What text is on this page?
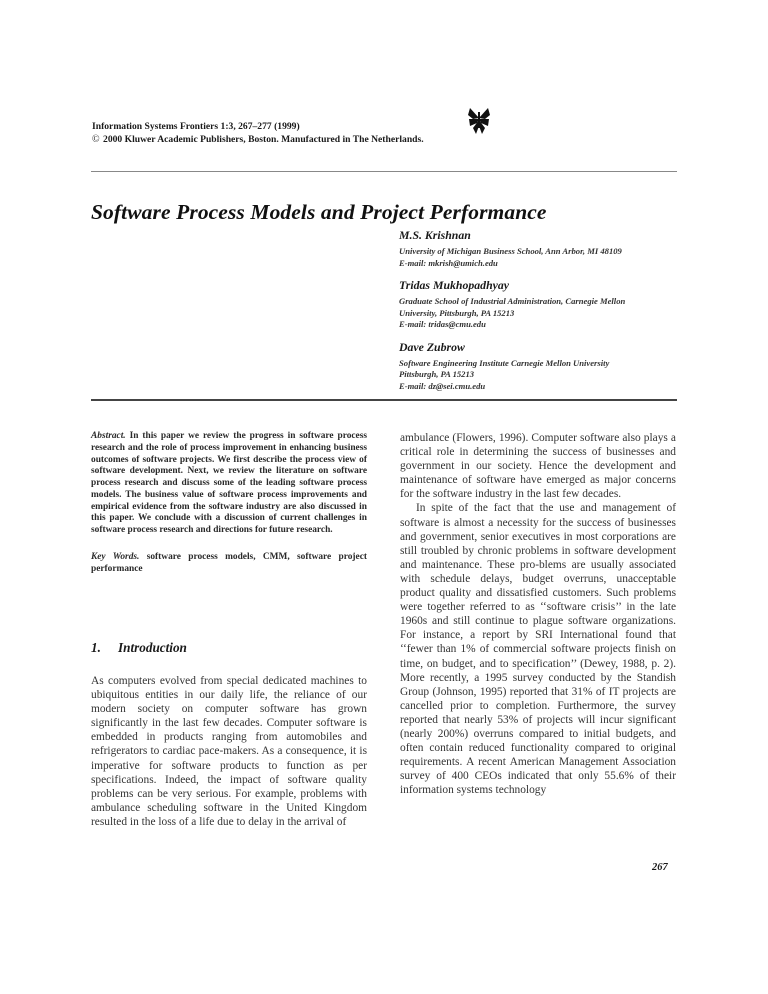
Information Systems Frontiers 1:3, 267–277 (1999)
© 2000 Kluwer Academic Publishers, Boston. Manufactured in The Netherlands.
Software Process Models and Project Performance
M.S. Krishnan
University of Michigan Business School, Ann Arbor, MI 48109
E-mail: mkrish@umich.edu
Tridas Mukhopadhyay
Graduate School of Industrial Administration, Carnegie Mellon
University, Pittsburgh, PA 15213
E-mail: tridas@cmu.edu
Dave Zubrow
Software Engineering Institute Carnegie Mellon University
Pittsburgh, PA 15213
E-mail: dz@sei.cmu.edu

Abstract. In this paper we review the progress in software process research and the role of process improvement in enhancing business outcomes of software projects. We first describe the process view of software development. Next, we review the literature on software process research and discuss some of the leading software process models. The business value of software process improvements and empirical evidence from the software industry are also discussed in this paper. We conclude with a discussion of current challenges in software process research and directions for future research.

Key Words. software process models, CMM, software project performance

1. Introduction

As computers evolved from special dedicated machines to ubiquitous entities in our daily life, the reliance of our modern society on computer software has grown significantly in the last few decades. Computer software is embedded in products ranging from automobiles and refrigerators to cardiac pace-makers. As a consequence, it is imperative for software products to function as per specifications. Indeed, the impact of software quality problems can be very serious. For example, problems with ambulance scheduling software in the United Kingdom resulted in the loss of a life due to delay in the arrival of

ambulance (Flowers, 1996). Computer software also plays a critical role in determining the success of businesses and government in our society. Hence the development and maintenance of software have emerged as major concerns for the software industry in the last few decades.

In spite of the fact that the use and management of software is almost a necessity for the success of businesses and government, senior executives in most corporations are still troubled by chronic problems in software development and maintenance. These pro-blems are usually associated with schedule delays, budget overruns, unacceptable product quality and dissatisfied customers. Such problems were together referred to as ‘‘software crisis’’ in the late 1960s and still continue to plague software organizations. For instance, a report by SRI International found that ‘‘fewer than 1% of commercial software projects finish on time, on budget, and to specification’’ (Dewey, 1988, p. 2). More recently, a 1995 survey conducted by the Standish Group (Johnson, 1995) reported that 31% of IT projects are cancelled prior to completion. Furthermore, the survey reported that nearly 53% of projects will incur significant (nearly 200%) overruns compared to initial budgets, and often contain reduced functionality compared to original requirements. A recent American Management Association survey of 400 CEOs indicated that only 55.6% of their information systems technology

267
